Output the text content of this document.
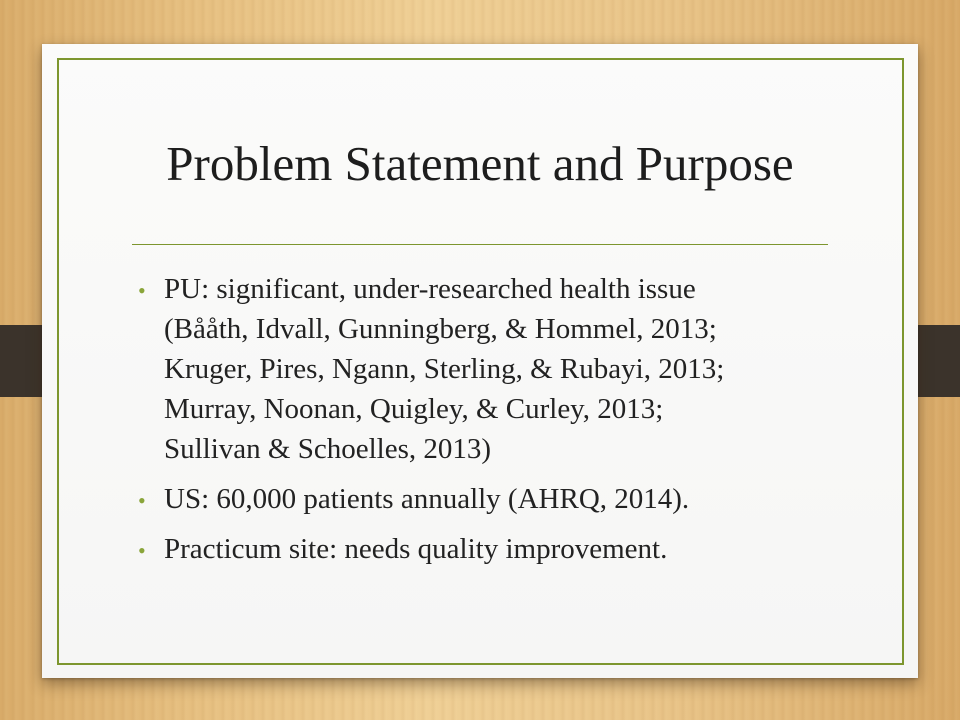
Problem Statement and Purpose
• PU: significant, under-researched health issue
(Bååth, Idvall, Gunningberg, & Hommel, 2013;
Kruger, Pires, Ngann, Sterling, & Rubayi, 2013;
Murray, Noonan, Quigley, & Curley, 2013;
Sullivan & Schoelles, 2013)
• US: 60,000 patients annually (AHRQ, 2014).
• Practicum site: needs quality improvement.
